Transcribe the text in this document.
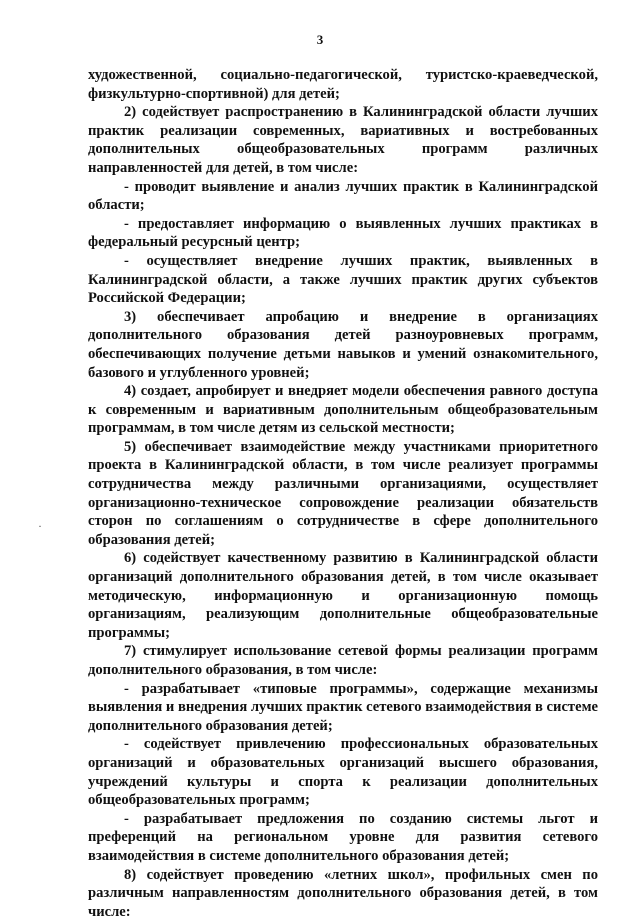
3
·

художественной, социально-педагогической, туристско-краеведческой, физкультурно-спортивной) для детей;

2) содействует распространению в Калининградской области лучших практик реализации современных, вариативных и востребованных дополнительных общеобразовательных программ различных направленностей для детей, в том числе:

- проводит выявление и анализ лучших практик в Калининградской области;

- предоставляет информацию о выявленных лучших практиках в федеральный ресурсный центр;

- осуществляет внедрение лучших практик, выявленных в Калининградской области, а также лучших практик других субъектов Российской Федерации;

3) обеспечивает апробацию и внедрение в организациях дополнительного образования детей разноуровневых программ, обеспечивающих получение детьми навыков и умений ознакомительного, базового и углубленного уровней;

4) создает, апробирует и внедряет модели обеспечения равного доступа к современным и вариативным дополнительным общеобразовательным программам, в том числе детям из сельской местности;

5) обеспечивает взаимодействие между участниками приоритетного проекта в Калининградской области, в том числе реализует программы сотрудничества между различными организациями, осуществляет организационно-техническое сопровождение реализации обязательств сторон по соглашениям о сотрудничестве в сфере дополнительного образования детей;

6) содействует качественному развитию в Калининградской области организаций дополнительного образования детей, в том числе оказывает методическую, информационную и организационную помощь организациям, реализующим дополнительные общеобразовательные программы;

7) стимулирует использование сетевой формы реализации программ дополнительного образования, в том числе:

- разрабатывает «типовые программы», содержащие механизмы выявления и внедрения лучших практик сетевого взаимодействия в системе дополнительного образования детей;

- содействует привлечению профессиональных образовательных организаций и образовательных организаций высшего образования, учреждений культуры и спорта к реализации дополнительных общеобразовательных программ;

- разрабатывает предложения по созданию системы льгот и преференций на региональном уровне для развития сетевого взаимодействия в системе дополнительного образования детей;

8) содействует проведению «летних школ», профильных смен по различным направленностям дополнительного образования детей, в том числе:
